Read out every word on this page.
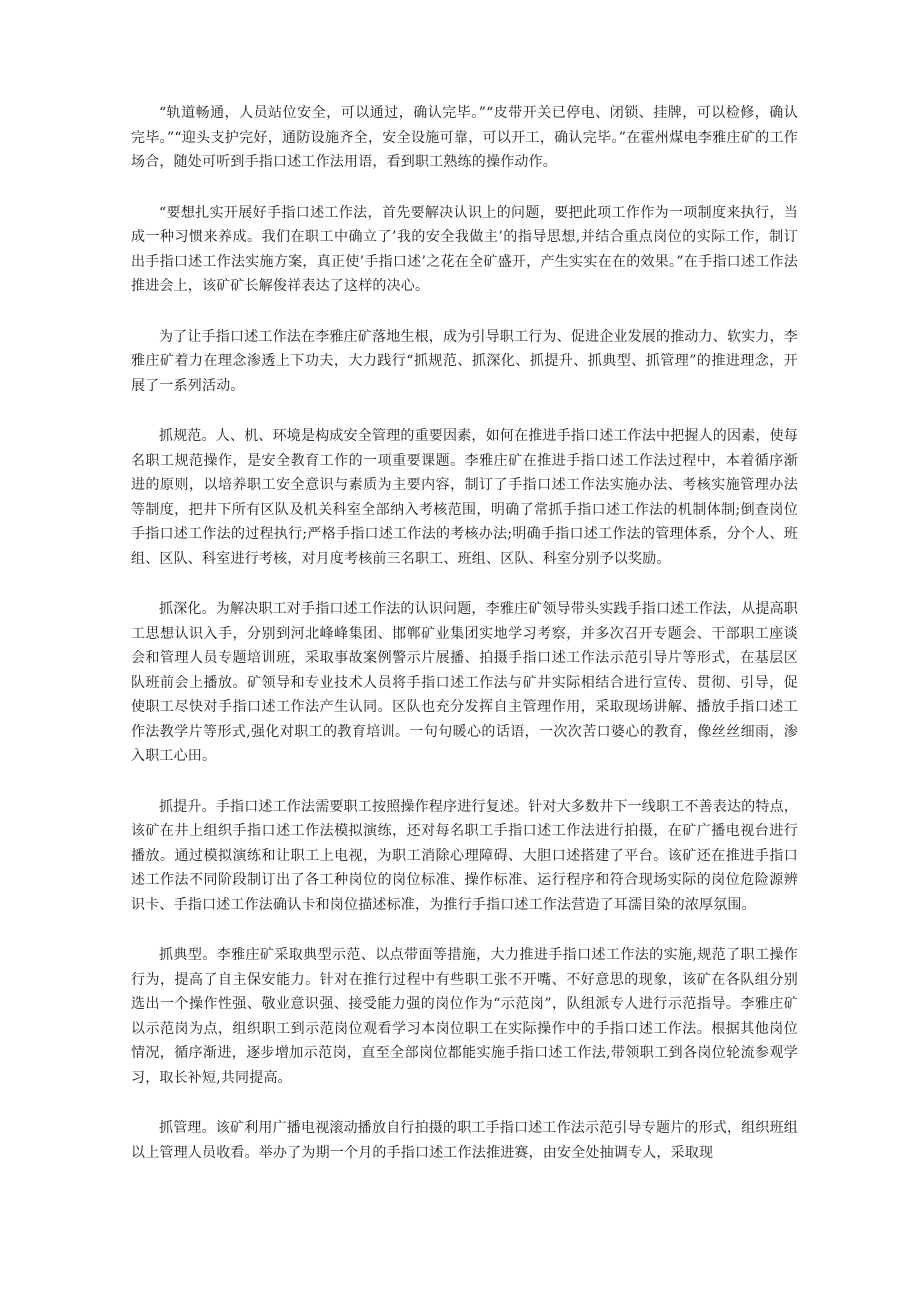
“轨道畅通，人员站位安全，可以通过，确认完毕。”“皮带开关已停电、闭锁、挂牌，可以检修，确认完毕。”“迎头支护完好，通防设施齐全，安全设施可靠，可以开工，确认完毕。”在霍州煤电李雅庄矿的工作场合，随处可听到手指口述工作法用语，看到职工熟练的操作动作。

“要想扎实开展好手指口述工作法，首先要解决认识上的问题，要把此项工作作为一项制度来执行，当成一种习惯来养成。我们在职工中确立了’我的安全我做主’的指导思想,并结合重点岗位的实际工作，制订出手指口述工作法实施方案，真正使’手指口述’之花在全矿盛开，产生实实在在的效果。”在手指口述工作法推进会上，该矿矿长解俊祥表达了这样的决心。

为了让手指口述工作法在李雅庄矿落地生根，成为引导职工行为、促进企业发展的推动力、软实力，李雅庄矿着力在理念渗透上下功夫，大力践行“抓规范、抓深化、抓提升、抓典型、抓管理”的推进理念，开展了一系列活动。

抓规范。人、机、环境是构成安全管理的重要因素，如何在推进手指口述工作法中把握人的因素，使每名职工规范操作，是安全教育工作的一项重要课题。李雅庄矿在推进手指口述工作法过程中，本着循序渐进的原则，以培养职工安全意识与素质为主要内容，制订了手指口述工作法实施办法、考核实施管理办法等制度，把井下所有区队及机关科室全部纳入考核范围，明确了常抓手指口述工作法的机制体制;倒查岗位手指口述工作法的过程执行;严格手指口述工作法的考核办法;明确手指口述工作法的管理体系，分个人、班组、区队、科室进行考核，对月度考核前三名职工、班组、区队、科室分别予以奖励。

抓深化。为解决职工对手指口述工作法的认识问题，李雅庄矿领导带头实践手指口述工作法，从提高职工思想认识入手，分别到河北峰峰集团、邯郸矿业集团实地学习考察，并多次召开专题会、干部职工座谈会和管理人员专题培训班，采取事故案例警示片展播、拍摄手指口述工作法示范引导片等形式，在基层区队班前会上播放。矿领导和专业技术人员将手指口述工作法与矿井实际相结合进行宣传、贯彻、引导，促使职工尽快对手指口述工作法产生认同。区队也充分发挥自主管理作用，采取现场讲解、播放手指口述工作法教学片等形式,强化对职工的教育培训。一句句暖心的话语，一次次苦口婆心的教育，像丝丝细雨，渗入职工心田。

抓提升。手指口述工作法需要职工按照操作程序进行复述。针对大多数井下一线职工不善表达的特点，该矿在井上组织手指口述工作法模拟演练，还对每名职工手指口述工作法进行拍摄，在矿广播电视台进行播放。通过模拟演练和让职工上电视，为职工消除心理障碍、大胆口述搭建了平台。该矿还在推进手指口述工作法不同阶段制订出了各工种岗位的岗位标准、操作标准、运行程序和符合现场实际的岗位危险源辨识卡、手指口述工作法确认卡和岗位描述标准，为推行手指口述工作法营造了耳濡目染的浓厚氛围。

抓典型。李雅庄矿采取典型示范、以点带面等措施，大力推进手指口述工作法的实施,规范了职工操作行为，提高了自主保安能力。针对在推行过程中有些职工张不开嘴、不好意思的现象，该矿在各队组分别选出一个操作性强、敬业意识强、接受能力强的岗位作为“示范岗”，队组派专人进行示范指导。李雅庄矿以示范岗为点，组织职工到示范岗位观看学习本岗位职工在实际操作中的手指口述工作法。根据其他岗位情况，循序渐进，逐步增加示范岗，直至全部岗位都能实施手指口述工作法,带领职工到各岗位轮流参观学习，取长补短,共同提高。

抓管理。该矿利用广播电视滚动播放自行拍摄的职工手指口述工作法示范引导专题片的形式，组织班组以上管理人员收看。举办了为期一个月的手指口述工作法推进赛，由安全处抽调专人，采取现
